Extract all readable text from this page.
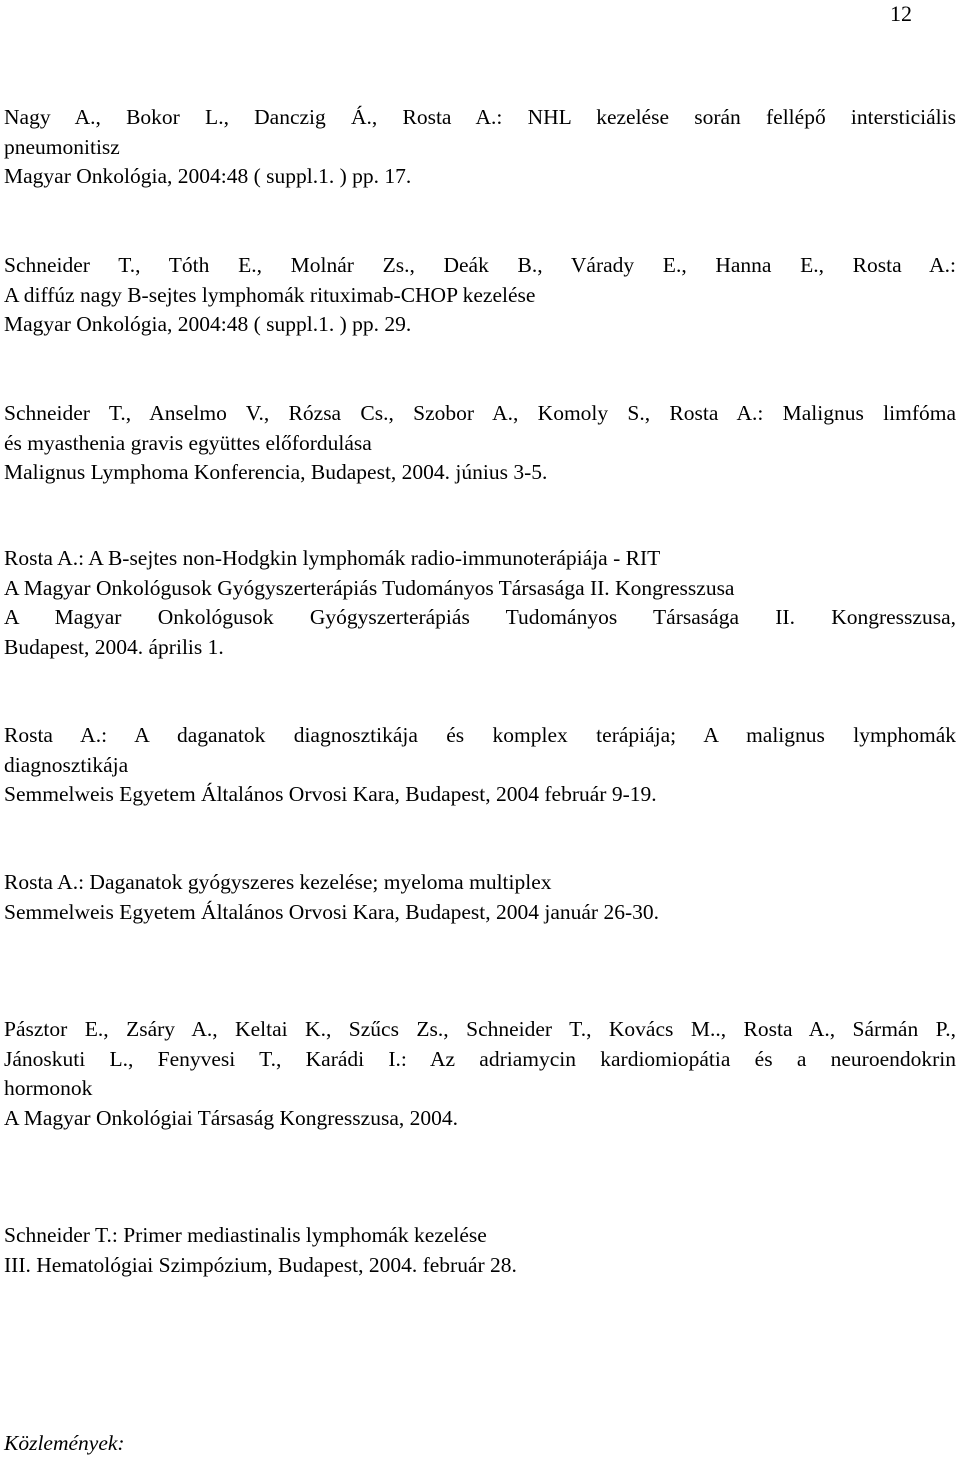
12
Nagy A., Bokor L., Danczig Á., Rosta A.: NHL kezelése során fellépő intersticiális
pneumonitisz
Magyar Onkológia, 2004:48 ( suppl.1. ) pp. 17.
Schneider T., Tóth E., Molnár Zs., Deák B., Várady E., Hanna E., Rosta A.:
A diffúz nagy B-sejtes lymphomák rituximab-CHOP kezelése
Magyar Onkológia, 2004:48 ( suppl.1. ) pp. 29.
Schneider T., Anselmo V., Rózsa Cs., Szobor A., Komoly S., Rosta A.: Malignus limfóma
és myasthenia gravis együttes előfordulása
Malignus Lymphoma Konferencia, Budapest, 2004. június 3-5.
Rosta A.: A B-sejtes non-Hodgkin lymphomák radio-immunoterápiája - RIT
A Magyar Onkológusok Gyógyszerterápiás Tudományos Társasága II. Kongresszusa
A Magyar Onkológusok Gyógyszerterápiás Tudományos Társasága II. Kongresszusa,
Budapest, 2004. április 1.
Rosta A.: A daganatok diagnosztikája és komplex terápiája; A malignus lymphomák
diagnosztikája
Semmelweis Egyetem Általános Orvosi Kara, Budapest, 2004 február 9-19.
Rosta A.: Daganatok gyógyszeres kezelése; myeloma multiplex
Semmelweis Egyetem Általános Orvosi Kara, Budapest, 2004 január 26-30.
Pásztor E., Zsáry A., Keltai K., Szűcs Zs., Schneider T., Kovács M.., Rosta A., Sármán P.,
Jánoskuti L., Fenyvesi T., Karádi I.: Az adriamycin kardiomiopátia és a neuroendokrin
hormonok
A Magyar Onkológiai Társaság Kongresszusa, 2004.
Schneider T.: Primer mediastinalis lymphomák kezelése
III. Hematológiai Szimpózium, Budapest, 2004. február 28.
Közlemények:
